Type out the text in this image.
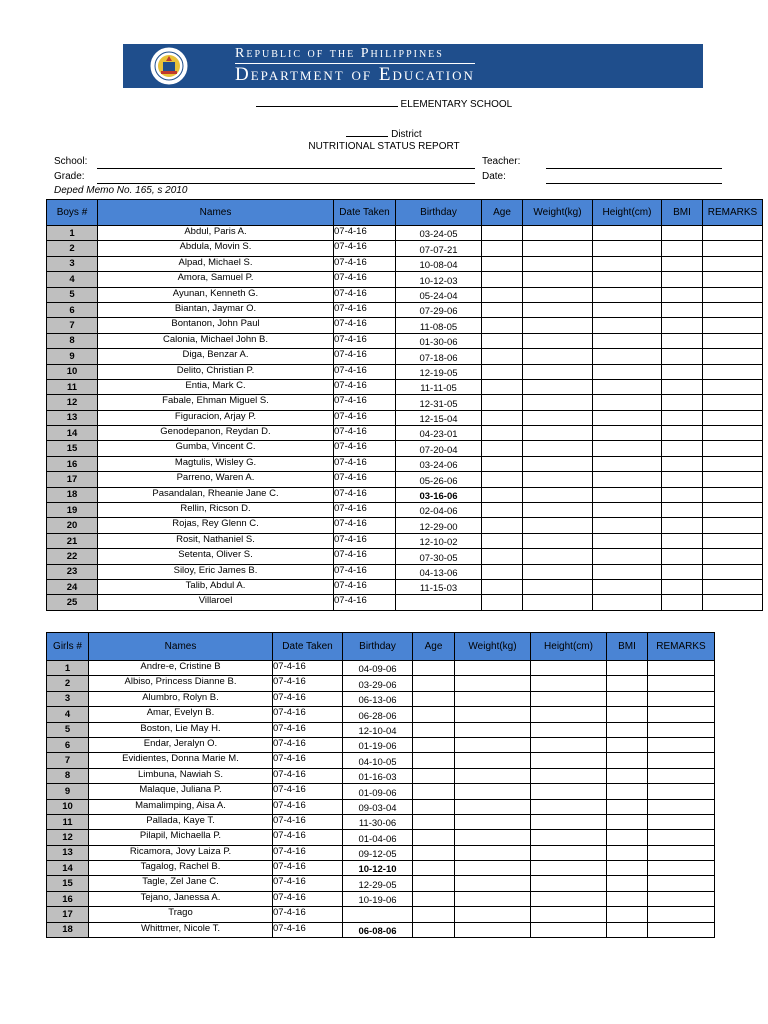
Republic of the Philippines
Department of Education
ELEMENTARY SCHOOL
District
NUTRITIONAL STATUS REPORT
School:
Grade:
Teacher:
Date:
Deped Memo No. 165, s 2010
Boys #	Names	Date Taken	Birthday	Age	Weight(kg)	Height(cm)	BMI	REMARKS
1	Abdul, Paris A.	07-4-16	03-24-05					
2	Abdula, Movin S.	07-4-16	07-07-21					
3	Alpad, Michael S.	07-4-16	10-08-04					
4	Amora, Samuel P.	07-4-16	10-12-03					
5	Ayunan, Kenneth G.	07-4-16	05-24-04					
6	Biantan, Jaymar O.	07-4-16	07-29-06					
7	Bontanon, John Paul	07-4-16	11-08-05					
8	Calonia, Michael John B.	07-4-16	01-30-06					
9	Diga, Benzar A.	07-4-16	07-18-06					
10	Delito, Christian P.	07-4-16	12-19-05					
11	Entia, Mark C.	07-4-16	11-11-05					
12	Fabale, Ehman Miguel S.	07-4-16	12-31-05					
13	Figuracion, Arjay P.	07-4-16	12-15-04					
14	Genodepanon, Reydan D.	07-4-16	04-23-01					
15	Gumba, Vincent C.	07-4-16	07-20-04					
16	Magtulis, Wisley G.	07-4-16	03-24-06					
17	Parreno, Waren A.	07-4-16	05-26-06					
18	Pasandalan, Rheanie Jane C.	07-4-16	03-16-06					
19	Rellin, Ricson D.	07-4-16	02-04-06					
20	Rojas, Rey Glenn C.	07-4-16	12-29-00					
21	Rosit, Nathaniel S.	07-4-16	12-10-02					
22	Setenta, Oliver S.	07-4-16	07-30-05					
23	Siloy, Eric James B.	07-4-16	04-13-06					
24	Talib, Abdul A.	07-4-16	11-15-03					
25	Villaroel	07-4-16						
Girls #	Names	Date Taken	Birthday	Age	Weight(kg)	Height(cm)	BMI	REMARKS
1	Andre-e, Cristine B	07-4-16	04-09-06					
2	Albiso, Princess Dianne B.	07-4-16	03-29-06					
3	Alumbro, Rolyn B.	07-4-16	06-13-06					
4	Amar, Evelyn B.	07-4-16	06-28-06					
5	Boston, Lie May H.	07-4-16	12-10-04					
6	Endar, Jeralyn O.	07-4-16	01-19-06					
7	Evidientes, Donna Marie M.	07-4-16	04-10-05					
8	Limbuna, Nawiah S.	07-4-16	01-16-03					
9	Malaque, Juliana P.	07-4-16	01-09-06					
10	Mamalimping, Aisa A.	07-4-16	09-03-04					
11	Pallada, Kaye T.	07-4-16	11-30-06					
12	Pilapil, Michaella P.	07-4-16	01-04-06					
13	Ricamora, Jovy Laiza P.	07-4-16	09-12-05					
14	Tagalog, Rachel B.	07-4-16	10-12-10					
15	Tagle, Zel Jane C.	07-4-16	12-29-05					
16	Tejano, Janessa A.	07-4-16	10-19-06					
17	Trago	07-4-16						
18	Whittmer, Nicole T.	07-4-16	06-08-06					
